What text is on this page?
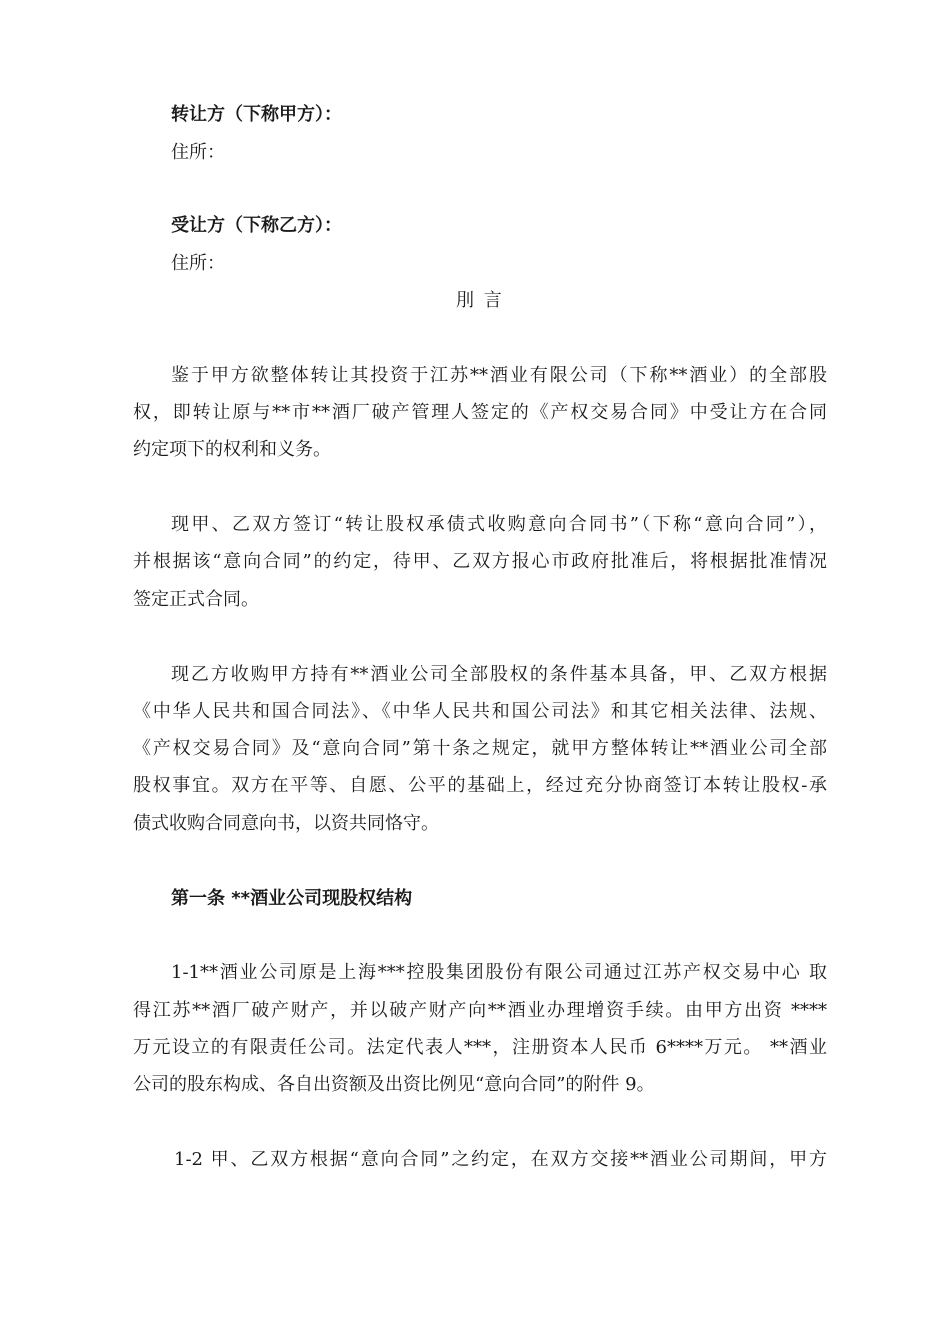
转让方（下称甲方）：
住所：
受让方（下称乙方）：
住所：
刖 言
鉴于甲方欲整体转让其投资于江苏**酒业有限公司（下称**酒业）的全部股
权，即转让原与**市**酒厂破产管理人签定的《产权交易合同》中受让方在合同
约定项下的权利和义务。
现甲、乙双方签订“转让股权承债式收购意向合同书”（下称“意向合同”），
并根据该“意向合同”的约定，待甲、乙双方报心市政府批准后，将根据批准情况
签定正式合同。
现乙方收购甲方持有**酒业公司全部股权的条件基本具备，甲、乙双方根据
《中华人民共和国合同法》、《中华人民共和国公司法》和其它相关法律、法规、
《产权交易合同》及“意向合同”第十条之规定，就甲方整体转让**酒业公司全部
股权事宜。双方在平等、自愿、公平的基础上，经过充分协商签订本转让股权-承
债式收购合同意向书，以资共同恪守。
第一条 **酒业公司现股权结构
1-1**酒业公司原是上海***控股集团股份有限公司通过江苏产权交易中心 取
得江苏**酒厂破产财产，并以破产财产向**酒业办理增资手续。由甲方出资 ****
万元设立的有限责任公司。法定代表人***，注册资本人民币 6****万元。 **酒业
公司的股东构成、各自出资额及出资比例见“意向合同”的附件 9。
1-2 甲、乙双方根据“意向合同”之约定，在双方交接**酒业公司期间，甲方
